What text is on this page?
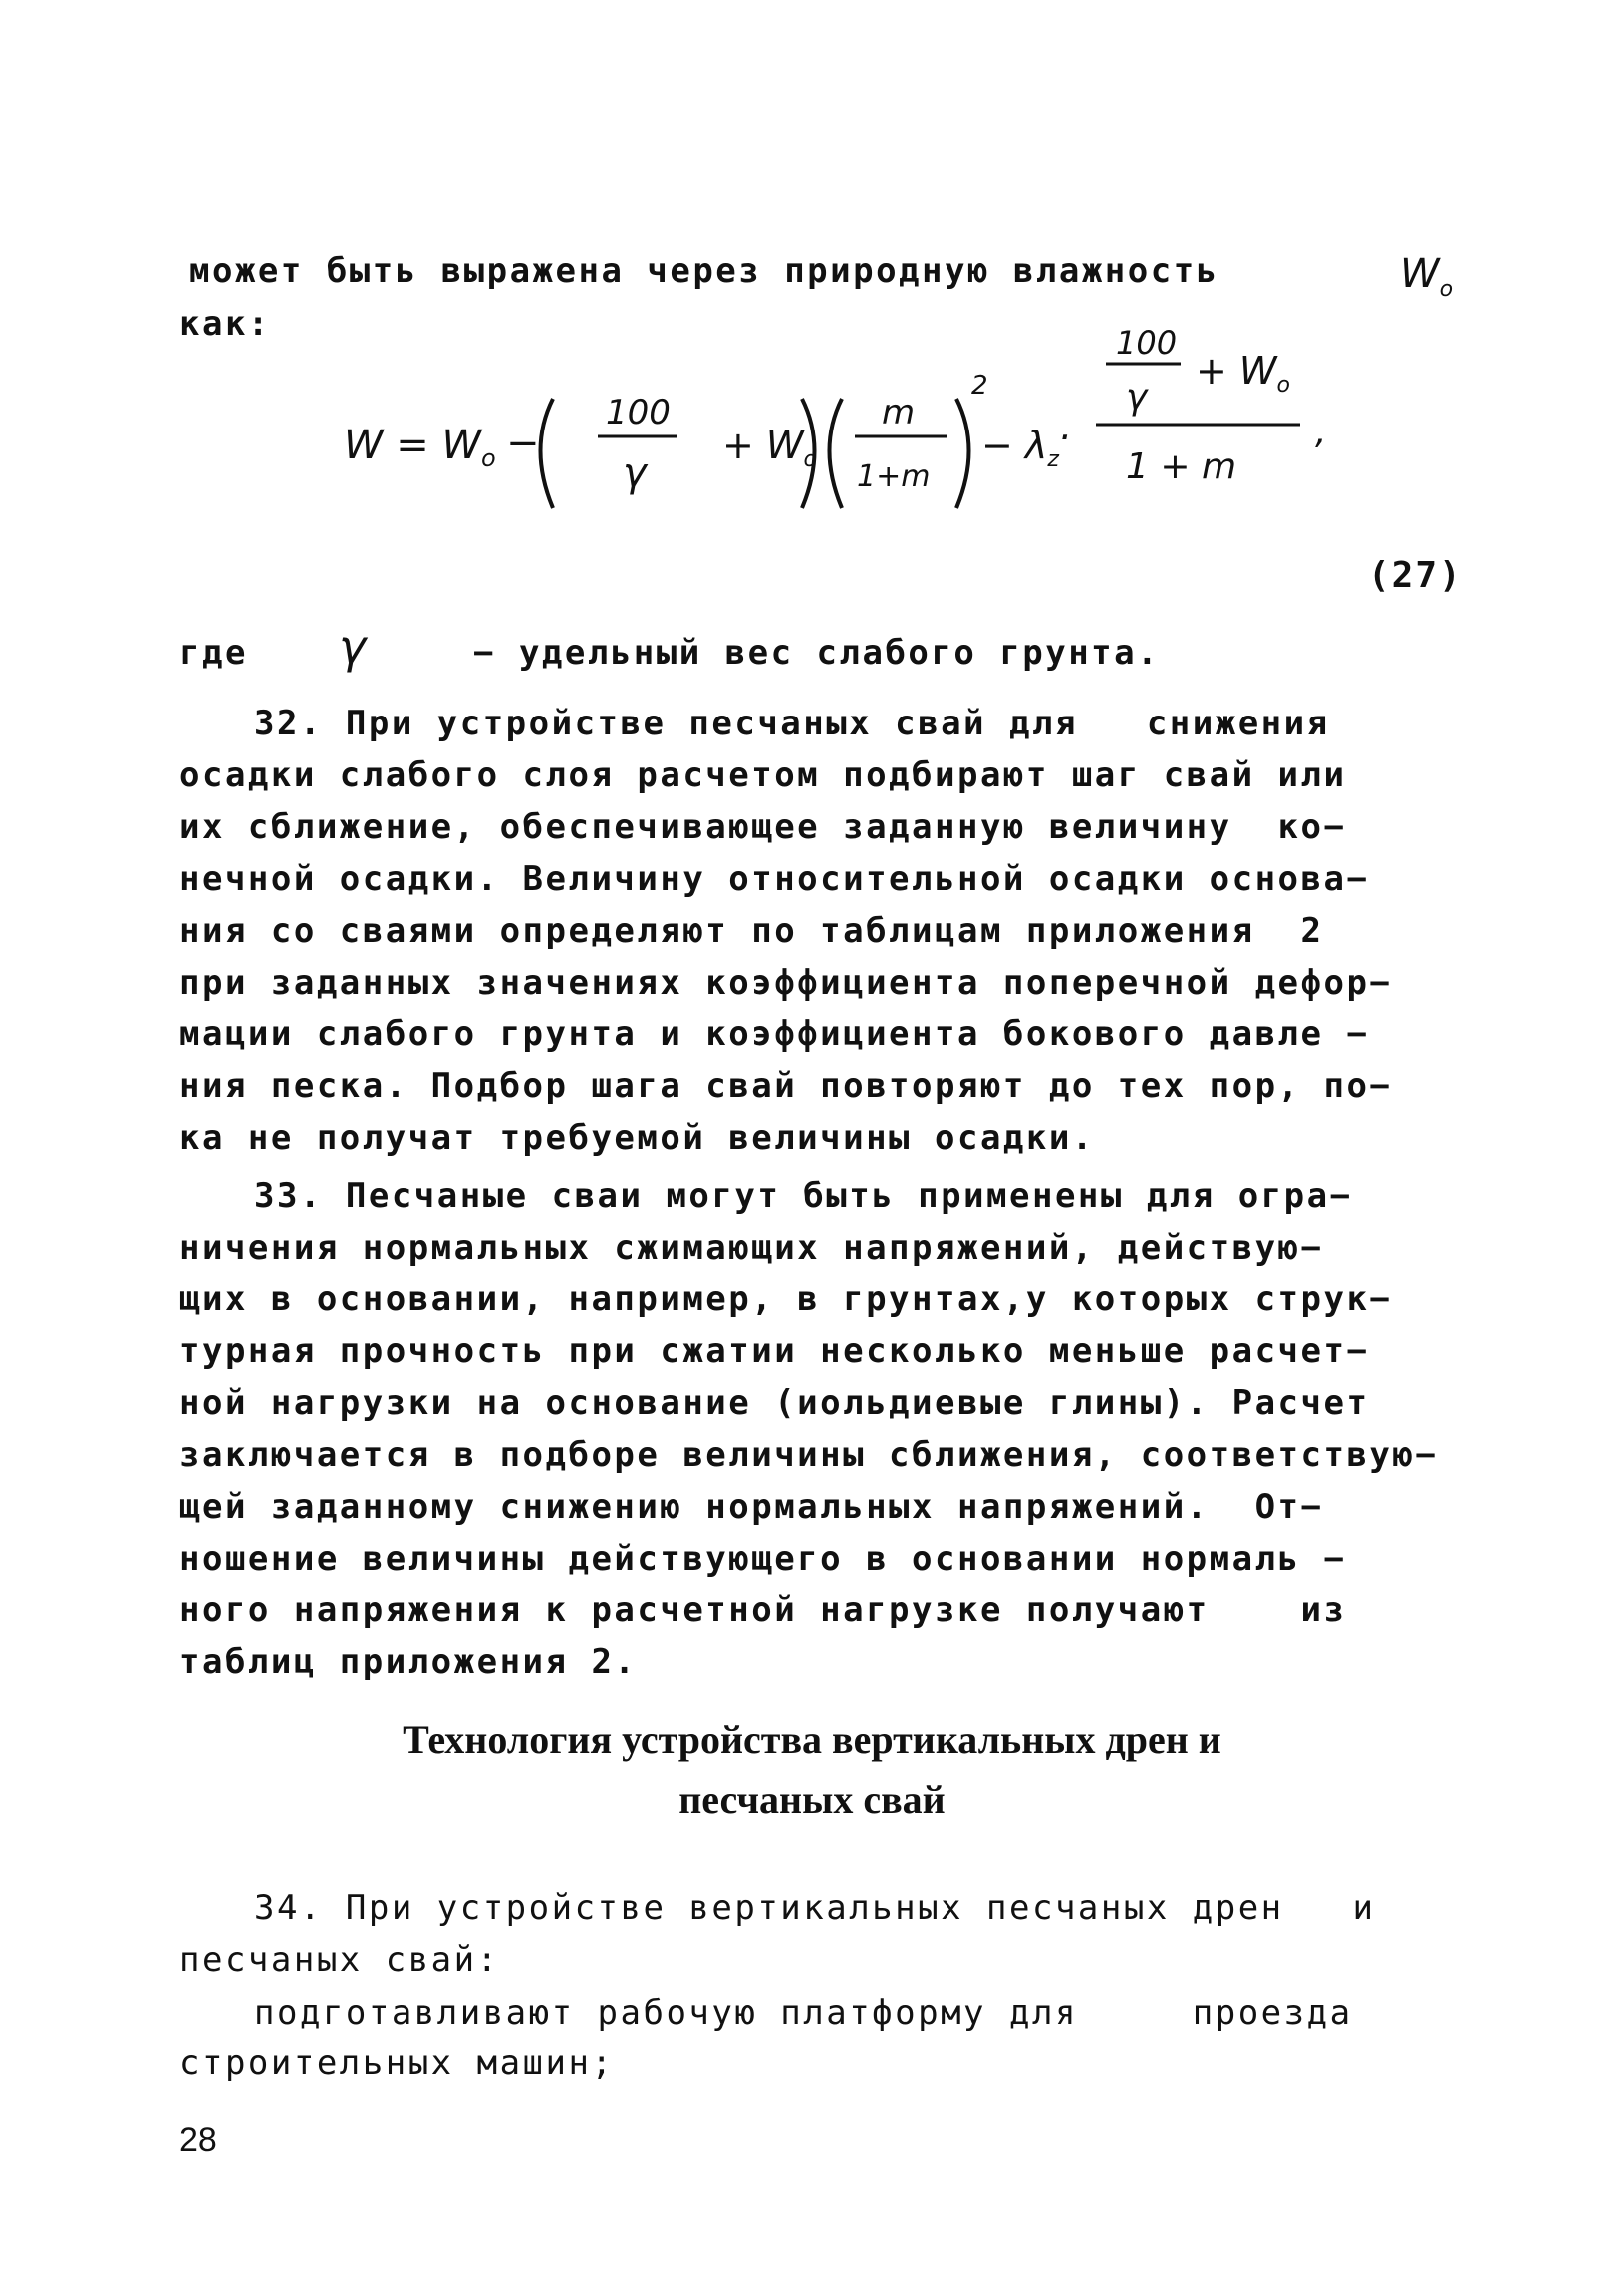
может быть выражена через природную влажность	$W_o$
как:
$W = W_o$ −
100
γ
+ $W_o$
m
1+m
2
− $\lambda_z$
·
100
γ
+ $W_o$
1 + m
,
(27)
где γ	− удельный вес слабого грунта.
32. При устройстве песчаных свай для   снижения
осадки слабого слоя расчетом подбирают шаг свай или
их сближение, обеспечивающее заданную величину  ко−
нечной осадки. Величину относительной осадки основа−
ния со сваями определяют по таблицам приложения  2
при заданных значениях коэффициента поперечной дефор−
мации слабого грунта и коэффициента бокового давле −
ния песка. Подбор шага свай повторяют до тех пор, по−
ка не получат требуемой величины осадки.
33. Песчаные сваи могут быть применены для огра−
ничения нормальных сжимающих напряжений, действую−
щих в основании, например, в грунтах,у которых струк−
турная прочность при сжатии несколько меньше расчет−
ной нагрузки на основание (иольдиевые глины). Расчет
заключается в подборе величины сближения, соответствую−
щей заданному снижению нормальных напряжений.  От−
ношение величины действующего в основании нормаль −
ного напряжения к расчетной нагрузке получают    из
таблиц приложения 2.
Технология устройства вертикальных дрен и
песчаных свай
34. При устройстве вертикальных песчаных дрен   и
песчаных свай:
подготавливают рабочую платформу для     проезда
строительных машин;
28
